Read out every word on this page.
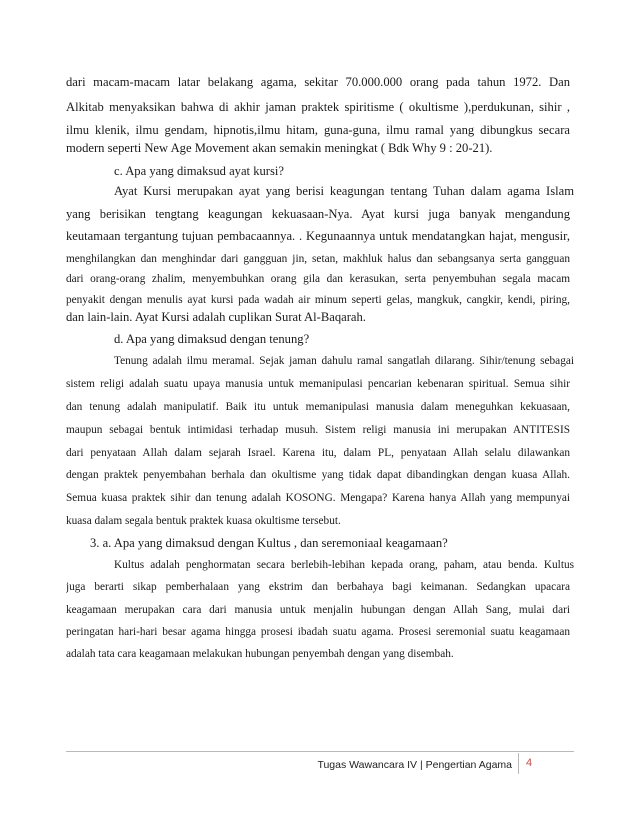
dari macam-macam latar belakang agama, sekitar 70.000.000 orang pada tahun 1972. Dan
Alkitab menyaksikan bahwa di akhir jaman praktek spiritisme ( okultisme ),perdukunan, sihir ,
ilmu klenik, ilmu gendam, hipnotis,ilmu hitam, guna-guna, ilmu ramal yang dibungkus secara
modern seperti New Age Movement akan semakin meningkat ( Bdk Why 9 : 20-21).
c. Apa yang dimaksud ayat kursi?
Ayat Kursi merupakan ayat yang berisi keagungan tentang Tuhan dalam agama Islam
yang berisikan tengtang keagungan kekuasaan-Nya. Ayat kursi juga banyak mengandung
keutamaan tergantung tujuan pembacaannya. . Kegunaannya untuk mendatangkan hajat, mengusir,
menghilangkan dan menghindar dari gangguan jin, setan, makhluk halus dan sebangsanya serta gangguan
dari orang-orang zhalim, menyembuhkan orang gila dan kerasukan, serta penyembuhan segala macam
penyakit dengan menulis ayat kursi pada wadah air minum seperti gelas, mangkuk, cangkir, kendi, piring,
dan lain-lain. Ayat Kursi adalah cuplikan Surat Al-Baqarah.
d. Apa yang dimaksud dengan tenung?
Tenung adalah ilmu meramal. Sejak jaman dahulu ramal sangatlah dilarang. Sihir/tenung sebagai
sistem religi adalah suatu upaya manusia untuk memanipulasi pencarian kebenaran spiritual. Semua sihir
dan tenung adalah manipulatif. Baik itu untuk memanipulasi manusia dalam meneguhkan kekuasaan,
maupun sebagai bentuk intimidasi terhadap musuh. Sistem religi manusia ini merupakan ANTITESIS
dari penyataan Allah dalam sejarah Israel. Karena itu, dalam PL, penyataan Allah selalu dilawankan
dengan praktek penyembahan berhala dan okultisme yang tidak dapat dibandingkan dengan kuasa Allah.
Semua kuasa praktek sihir dan tenung adalah KOSONG. Mengapa? Karena hanya Allah yang mempunyai
kuasa dalam segala bentuk praktek kuasa okultisme tersebut.
3. a. Apa yang dimaksud dengan Kultus , dan seremoniaal keagamaan?
Kultus adalah penghormatan secara berlebih-lebihan kepada orang, paham, atau benda. Kultus
juga berarti sikap pemberhalaan yang ekstrim dan berbahaya bagi keimanan. Sedangkan upacara
keagamaan merupakan cara dari manusia untuk menjalin hubungan dengan Allah Sang, mulai dari
peringatan hari-hari besar agama hingga prosesi ibadah suatu agama. Prosesi seremonial suatu keagamaan
adalah tata cara keagamaan melakukan hubungan penyembah dengan yang disembah.
Tugas Wawancara IV | Pengertian Agama	4
